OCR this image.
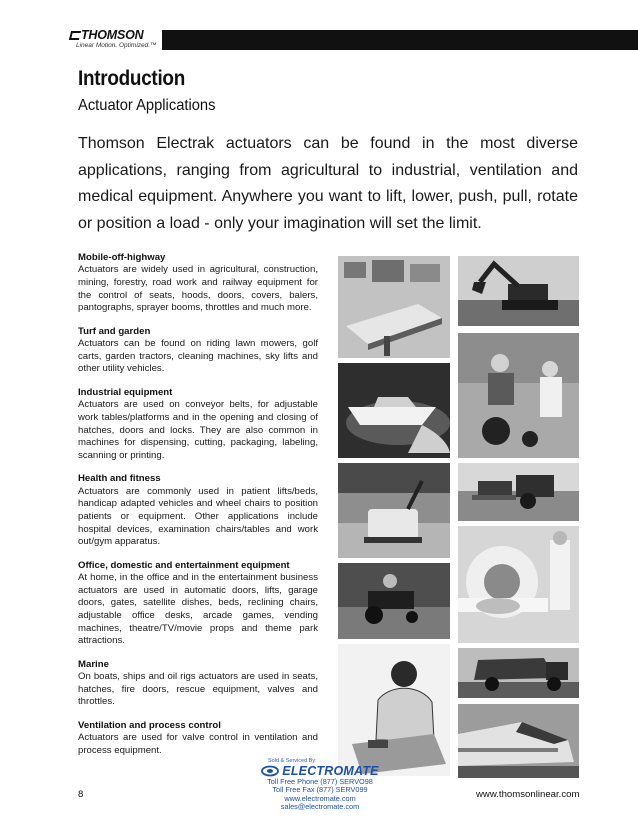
THOMSON
Linear Motion. Optimized.™
Introduction
Actuator Applications

Thomson Electrak actuators can be found in the most diverse applications, ranging from agricultural to industrial, ventilation and medical equipment. Anywhere you want to lift, lower, push, pull, rotate or position a load - only your imagination will set the limit.

Mobile-off-highway

Actuators are widely used in agricultural, construction, mining, forestry, road work and railway equipment for the control of seats, hoods, doors, covers, balers, pantographs, sprayer booms, throttles and much more.

Turf and garden

Actuators can be found on riding lawn mowers, golf carts, garden tractors, cleaning machines, sky lifts and other utility vehicles.

Industrial equipment

Actuators are used on conveyor belts, for adjustable work tables/platforms and in the opening and closing of hatches, doors and locks. They are also common in machines for dispensing, cutting, packaging, labeling, scanning or printing.

Health and fitness

Actuators are commonly used in patient lifts/beds, handicap adapted vehicles and wheel chairs to position patients or equipment. Other applications include hospital devices, examination chairs/tables and work out/gym apparatus.

Office, domestic and entertainment equipment

At home, in the office and in the entertainment business actuators are used in automatic doors, lifts, garage doors, gates, satellite dishes, beds, reclining chairs, adjustable office desks, arcade games, vending machines, theatre/TV/movie props and theme park attractions.

Marine

On boats, ships and oil rigs actuators are used in seats, hatches, fire doors, rescue equipment, valves and throttles.

Ventilation and process control

Actuators are used for valve control in ventilation and process equipment.

Sold & Serviced By:
ELECTROMATE
Toll Free Phone (877) SERVO98
Toll Free Fax (877) SERV099
www.electromate.com
sales@electromate.com
8	www.thomsonlinear.com
